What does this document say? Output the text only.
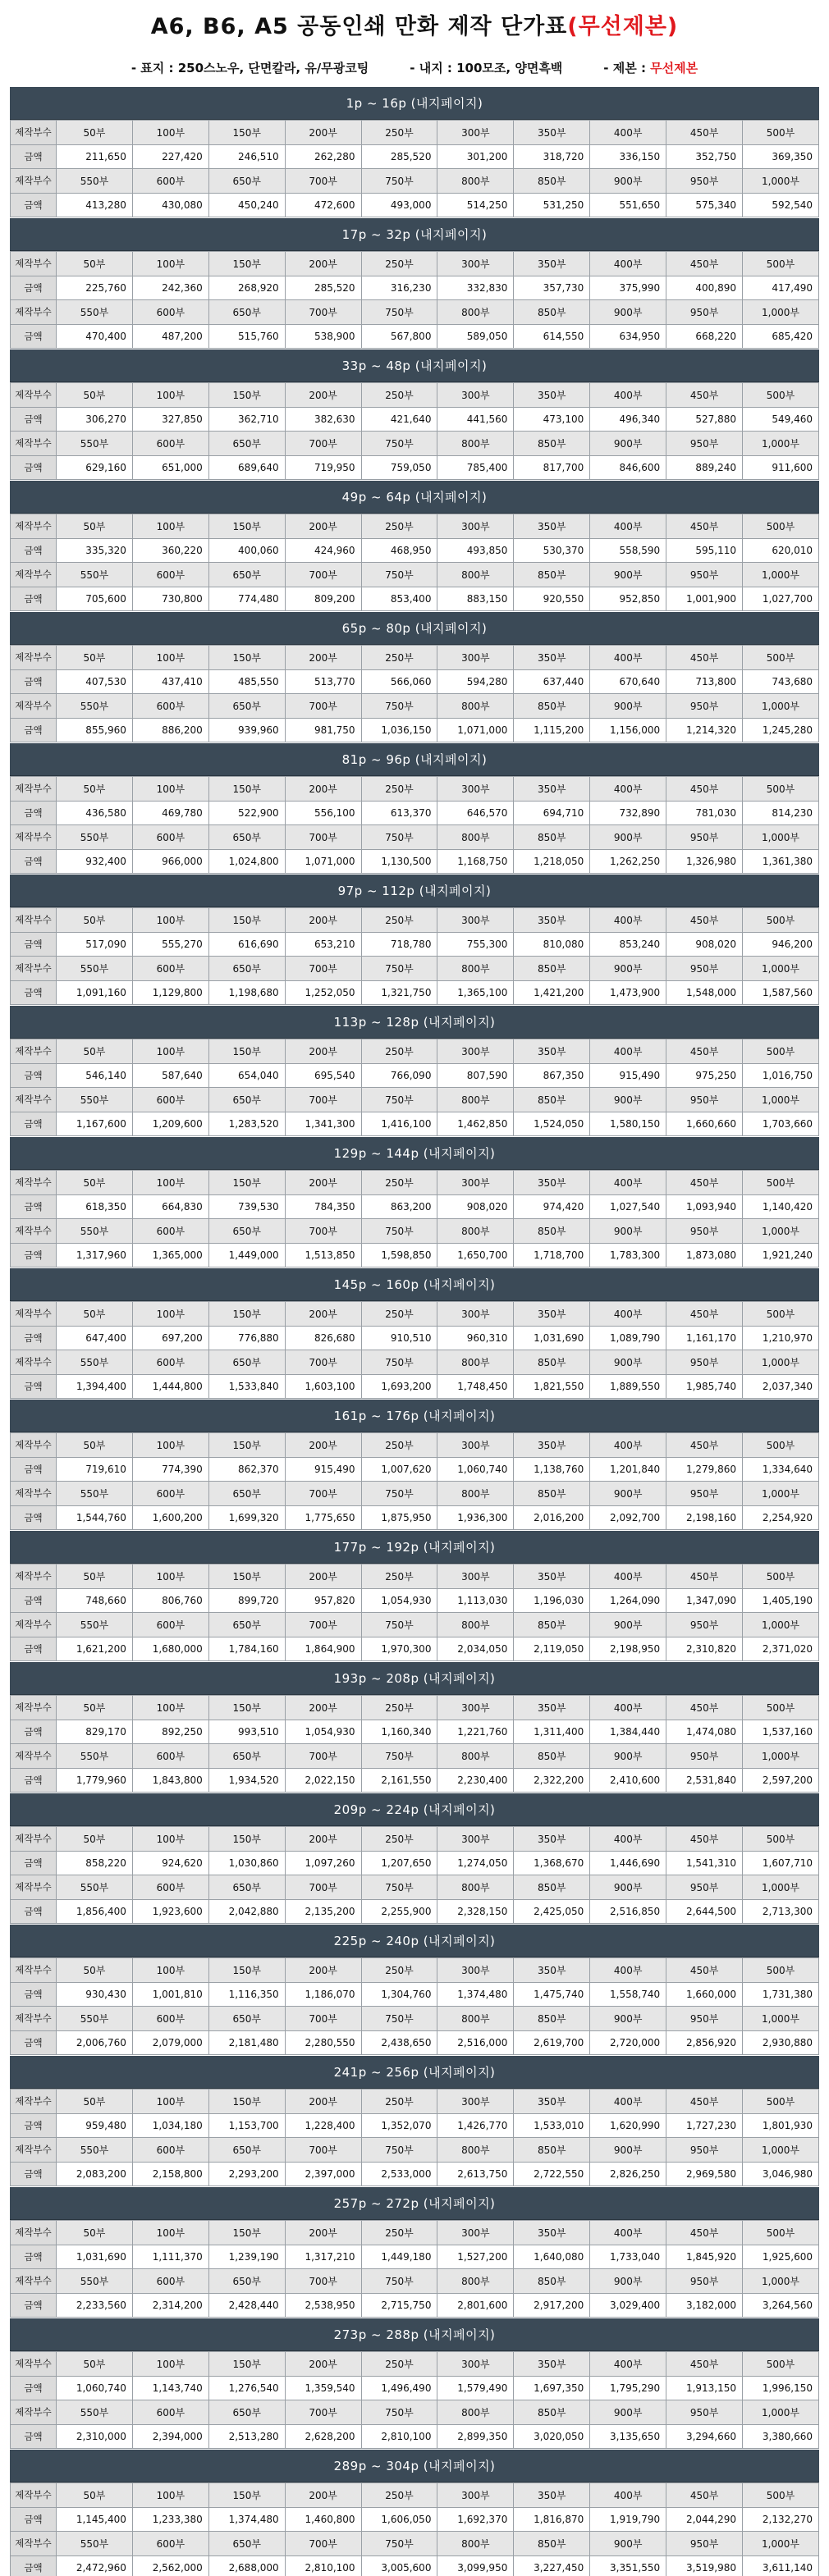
A6, B6, A5 공동인쇄 만화 제작 단가표 (무선제본)
- 표지 : 250스노우, 단면칼라, 유/무광코팅	- 내지 : 100모조, 양면흑백	- 제본 : 무선제본
1p ~ 16p (내지페이지)
제작부수	50부	100부	150부	200부	250부	300부	350부	400부	450부	500부
금액	211,650	227,420	246,510	262,280	285,520	301,200	318,720	336,150	352,750	369,350
제작부수	550부	600부	650부	700부	750부	800부	850부	900부	950부	1,000부
금액	413,280	430,080	450,240	472,600	493,000	514,250	531,250	551,650	575,340	592,540
17p ~ 32p (내지페이지)
제작부수	50부	100부	150부	200부	250부	300부	350부	400부	450부	500부
금액	225,760	242,360	268,920	285,520	316,230	332,830	357,730	375,990	400,890	417,490
제작부수	550부	600부	650부	700부	750부	800부	850부	900부	950부	1,000부
금액	470,400	487,200	515,760	538,900	567,800	589,050	614,550	634,950	668,220	685,420
33p ~ 48p (내지페이지)
제작부수	50부	100부	150부	200부	250부	300부	350부	400부	450부	500부
금액	306,270	327,850	362,710	382,630	421,640	441,560	473,100	496,340	527,880	549,460
제작부수	550부	600부	650부	700부	750부	800부	850부	900부	950부	1,000부
금액	629,160	651,000	689,640	719,950	759,050	785,400	817,700	846,600	889,240	911,600
49p ~ 64p (내지페이지)
제작부수	50부	100부	150부	200부	250부	300부	350부	400부	450부	500부
금액	335,320	360,220	400,060	424,960	468,950	493,850	530,370	558,590	595,110	620,010
제작부수	550부	600부	650부	700부	750부	800부	850부	900부	950부	1,000부
금액	705,600	730,800	774,480	809,200	853,400	883,150	920,550	952,850	1,001,900	1,027,700
65p ~ 80p (내지페이지)
제작부수	50부	100부	150부	200부	250부	300부	350부	400부	450부	500부
금액	407,530	437,410	485,550	513,770	566,060	594,280	637,440	670,640	713,800	743,680
제작부수	550부	600부	650부	700부	750부	800부	850부	900부	950부	1,000부
금액	855,960	886,200	939,960	981,750	1,036,150	1,071,000	1,115,200	1,156,000	1,214,320	1,245,280
81p ~ 96p (내지페이지)
제작부수	50부	100부	150부	200부	250부	300부	350부	400부	450부	500부
금액	436,580	469,780	522,900	556,100	613,370	646,570	694,710	732,890	781,030	814,230
제작부수	550부	600부	650부	700부	750부	800부	850부	900부	950부	1,000부
금액	932,400	966,000	1,024,800	1,071,000	1,130,500	1,168,750	1,218,050	1,262,250	1,326,980	1,361,380
97p ~ 112p (내지페이지)
제작부수	50부	100부	150부	200부	250부	300부	350부	400부	450부	500부
금액	517,090	555,270	616,690	653,210	718,780	755,300	810,080	853,240	908,020	946,200
제작부수	550부	600부	650부	700부	750부	800부	850부	900부	950부	1,000부
금액	1,091,160	1,129,800	1,198,680	1,252,050	1,321,750	1,365,100	1,421,200	1,473,900	1,548,000	1,587,560
113p ~ 128p (내지페이지)
제작부수	50부	100부	150부	200부	250부	300부	350부	400부	450부	500부
금액	546,140	587,640	654,040	695,540	766,090	807,590	867,350	915,490	975,250	1,016,750
제작부수	550부	600부	650부	700부	750부	800부	850부	900부	950부	1,000부
금액	1,167,600	1,209,600	1,283,520	1,341,300	1,416,100	1,462,850	1,524,050	1,580,150	1,660,660	1,703,660
129p ~ 144p (내지페이지)
제작부수	50부	100부	150부	200부	250부	300부	350부	400부	450부	500부
금액	618,350	664,830	739,530	784,350	863,200	908,020	974,420	1,027,540	1,093,940	1,140,420
제작부수	550부	600부	650부	700부	750부	800부	850부	900부	950부	1,000부
금액	1,317,960	1,365,000	1,449,000	1,513,850	1,598,850	1,650,700	1,718,700	1,783,300	1,873,080	1,921,240
145p ~ 160p (내지페이지)
제작부수	50부	100부	150부	200부	250부	300부	350부	400부	450부	500부
금액	647,400	697,200	776,880	826,680	910,510	960,310	1,031,690	1,089,790	1,161,170	1,210,970
제작부수	550부	600부	650부	700부	750부	800부	850부	900부	950부	1,000부
금액	1,394,400	1,444,800	1,533,840	1,603,100	1,693,200	1,748,450	1,821,550	1,889,550	1,985,740	2,037,340
161p ~ 176p (내지페이지)
제작부수	50부	100부	150부	200부	250부	300부	350부	400부	450부	500부
금액	719,610	774,390	862,370	915,490	1,007,620	1,060,740	1,138,760	1,201,840	1,279,860	1,334,640
제작부수	550부	600부	650부	700부	750부	800부	850부	900부	950부	1,000부
금액	1,544,760	1,600,200	1,699,320	1,775,650	1,875,950	1,936,300	2,016,200	2,092,700	2,198,160	2,254,920
177p ~ 192p (내지페이지)
제작부수	50부	100부	150부	200부	250부	300부	350부	400부	450부	500부
금액	748,660	806,760	899,720	957,820	1,054,930	1,113,030	1,196,030	1,264,090	1,347,090	1,405,190
제작부수	550부	600부	650부	700부	750부	800부	850부	900부	950부	1,000부
금액	1,621,200	1,680,000	1,784,160	1,864,900	1,970,300	2,034,050	2,119,050	2,198,950	2,310,820	2,371,020
193p ~ 208p (내지페이지)
제작부수	50부	100부	150부	200부	250부	300부	350부	400부	450부	500부
금액	829,170	892,250	993,510	1,054,930	1,160,340	1,221,760	1,311,400	1,384,440	1,474,080	1,537,160
제작부수	550부	600부	650부	700부	750부	800부	850부	900부	950부	1,000부
금액	1,779,960	1,843,800	1,934,520	2,022,150	2,161,550	2,230,400	2,322,200	2,410,600	2,531,840	2,597,200
209p ~ 224p (내지페이지)
제작부수	50부	100부	150부	200부	250부	300부	350부	400부	450부	500부
금액	858,220	924,620	1,030,860	1,097,260	1,207,650	1,274,050	1,368,670	1,446,690	1,541,310	1,607,710
제작부수	550부	600부	650부	700부	750부	800부	850부	900부	950부	1,000부
금액	1,856,400	1,923,600	2,042,880	2,135,200	2,255,900	2,328,150	2,425,050	2,516,850	2,644,500	2,713,300
225p ~ 240p (내지페이지)
제작부수	50부	100부	150부	200부	250부	300부	350부	400부	450부	500부
금액	930,430	1,001,810	1,116,350	1,186,070	1,304,760	1,374,480	1,475,740	1,558,740	1,660,000	1,731,380
제작부수	550부	600부	650부	700부	750부	800부	850부	900부	950부	1,000부
금액	2,006,760	2,079,000	2,181,480	2,280,550	2,438,650	2,516,000	2,619,700	2,720,000	2,856,920	2,930,880
241p ~ 256p (내지페이지)
제작부수	50부	100부	150부	200부	250부	300부	350부	400부	450부	500부
금액	959,480	1,034,180	1,153,700	1,228,400	1,352,070	1,426,770	1,533,010	1,620,990	1,727,230	1,801,930
제작부수	550부	600부	650부	700부	750부	800부	850부	900부	950부	1,000부
금액	2,083,200	2,158,800	2,293,200	2,397,000	2,533,000	2,613,750	2,722,550	2,826,250	2,969,580	3,046,980
257p ~ 272p (내지페이지)
제작부수	50부	100부	150부	200부	250부	300부	350부	400부	450부	500부
금액	1,031,690	1,111,370	1,239,190	1,317,210	1,449,180	1,527,200	1,640,080	1,733,040	1,845,920	1,925,600
제작부수	550부	600부	650부	700부	750부	800부	850부	900부	950부	1,000부
금액	2,233,560	2,314,200	2,428,440	2,538,950	2,715,750	2,801,600	2,917,200	3,029,400	3,182,000	3,264,560
273p ~ 288p (내지페이지)
제작부수	50부	100부	150부	200부	250부	300부	350부	400부	450부	500부
금액	1,060,740	1,143,740	1,276,540	1,359,540	1,496,490	1,579,490	1,697,350	1,795,290	1,913,150	1,996,150
제작부수	550부	600부	650부	700부	750부	800부	850부	900부	950부	1,000부
금액	2,310,000	2,394,000	2,513,280	2,628,200	2,810,100	2,899,350	3,020,050	3,135,650	3,294,660	3,380,660
289p ~ 304p (내지페이지)
제작부수	50부	100부	150부	200부	250부	300부	350부	400부	450부	500부
금액	1,145,400	1,233,380	1,374,480	1,460,800	1,606,050	1,692,370	1,816,870	1,919,790	2,044,290	2,132,270
제작부수	550부	600부	650부	700부	750부	800부	850부	900부	950부	1,000부
금액	2,472,960	2,562,000	2,688,000	2,810,100	3,005,600	3,099,950	3,227,450	3,351,550	3,519,980	3,611,140
